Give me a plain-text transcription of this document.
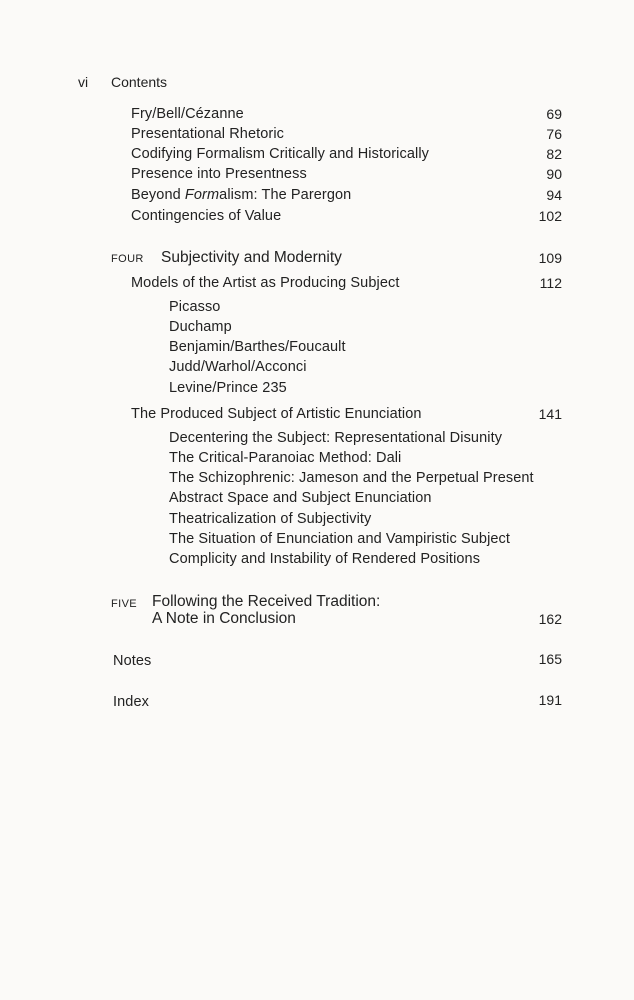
vi Contents
Fry/Bell/Cézanne	69
Presentational Rhetoric	76
Codifying Formalism Critically and Historically	82
Presence into Presentness	90
Beyond Formalism: The Parergon	94
Contingencies of Value	102
FOUR Subjectivity and Modernity	109
Models of the Artist as Producing Subject	112
Picasso
Duchamp
Benjamin/Barthes/Foucault
Judd/Warhol/Acconci
Levine/Prince 235
The Produced Subject of Artistic Enunciation	141
Decentering the Subject: Representational Disunity
The Critical-Paranoiac Method: Dali
The Schizophrenic: Jameson and the Perpetual Present
Abstract Space and Subject Enunciation
Theatricalization of Subjectivity
The Situation of Enunciation and Vampiristic Subject
Complicity and Instability of Rendered Positions
FIVE Following the Received Tradition:
A Note in Conclusion	162
Notes	165
Index	191
